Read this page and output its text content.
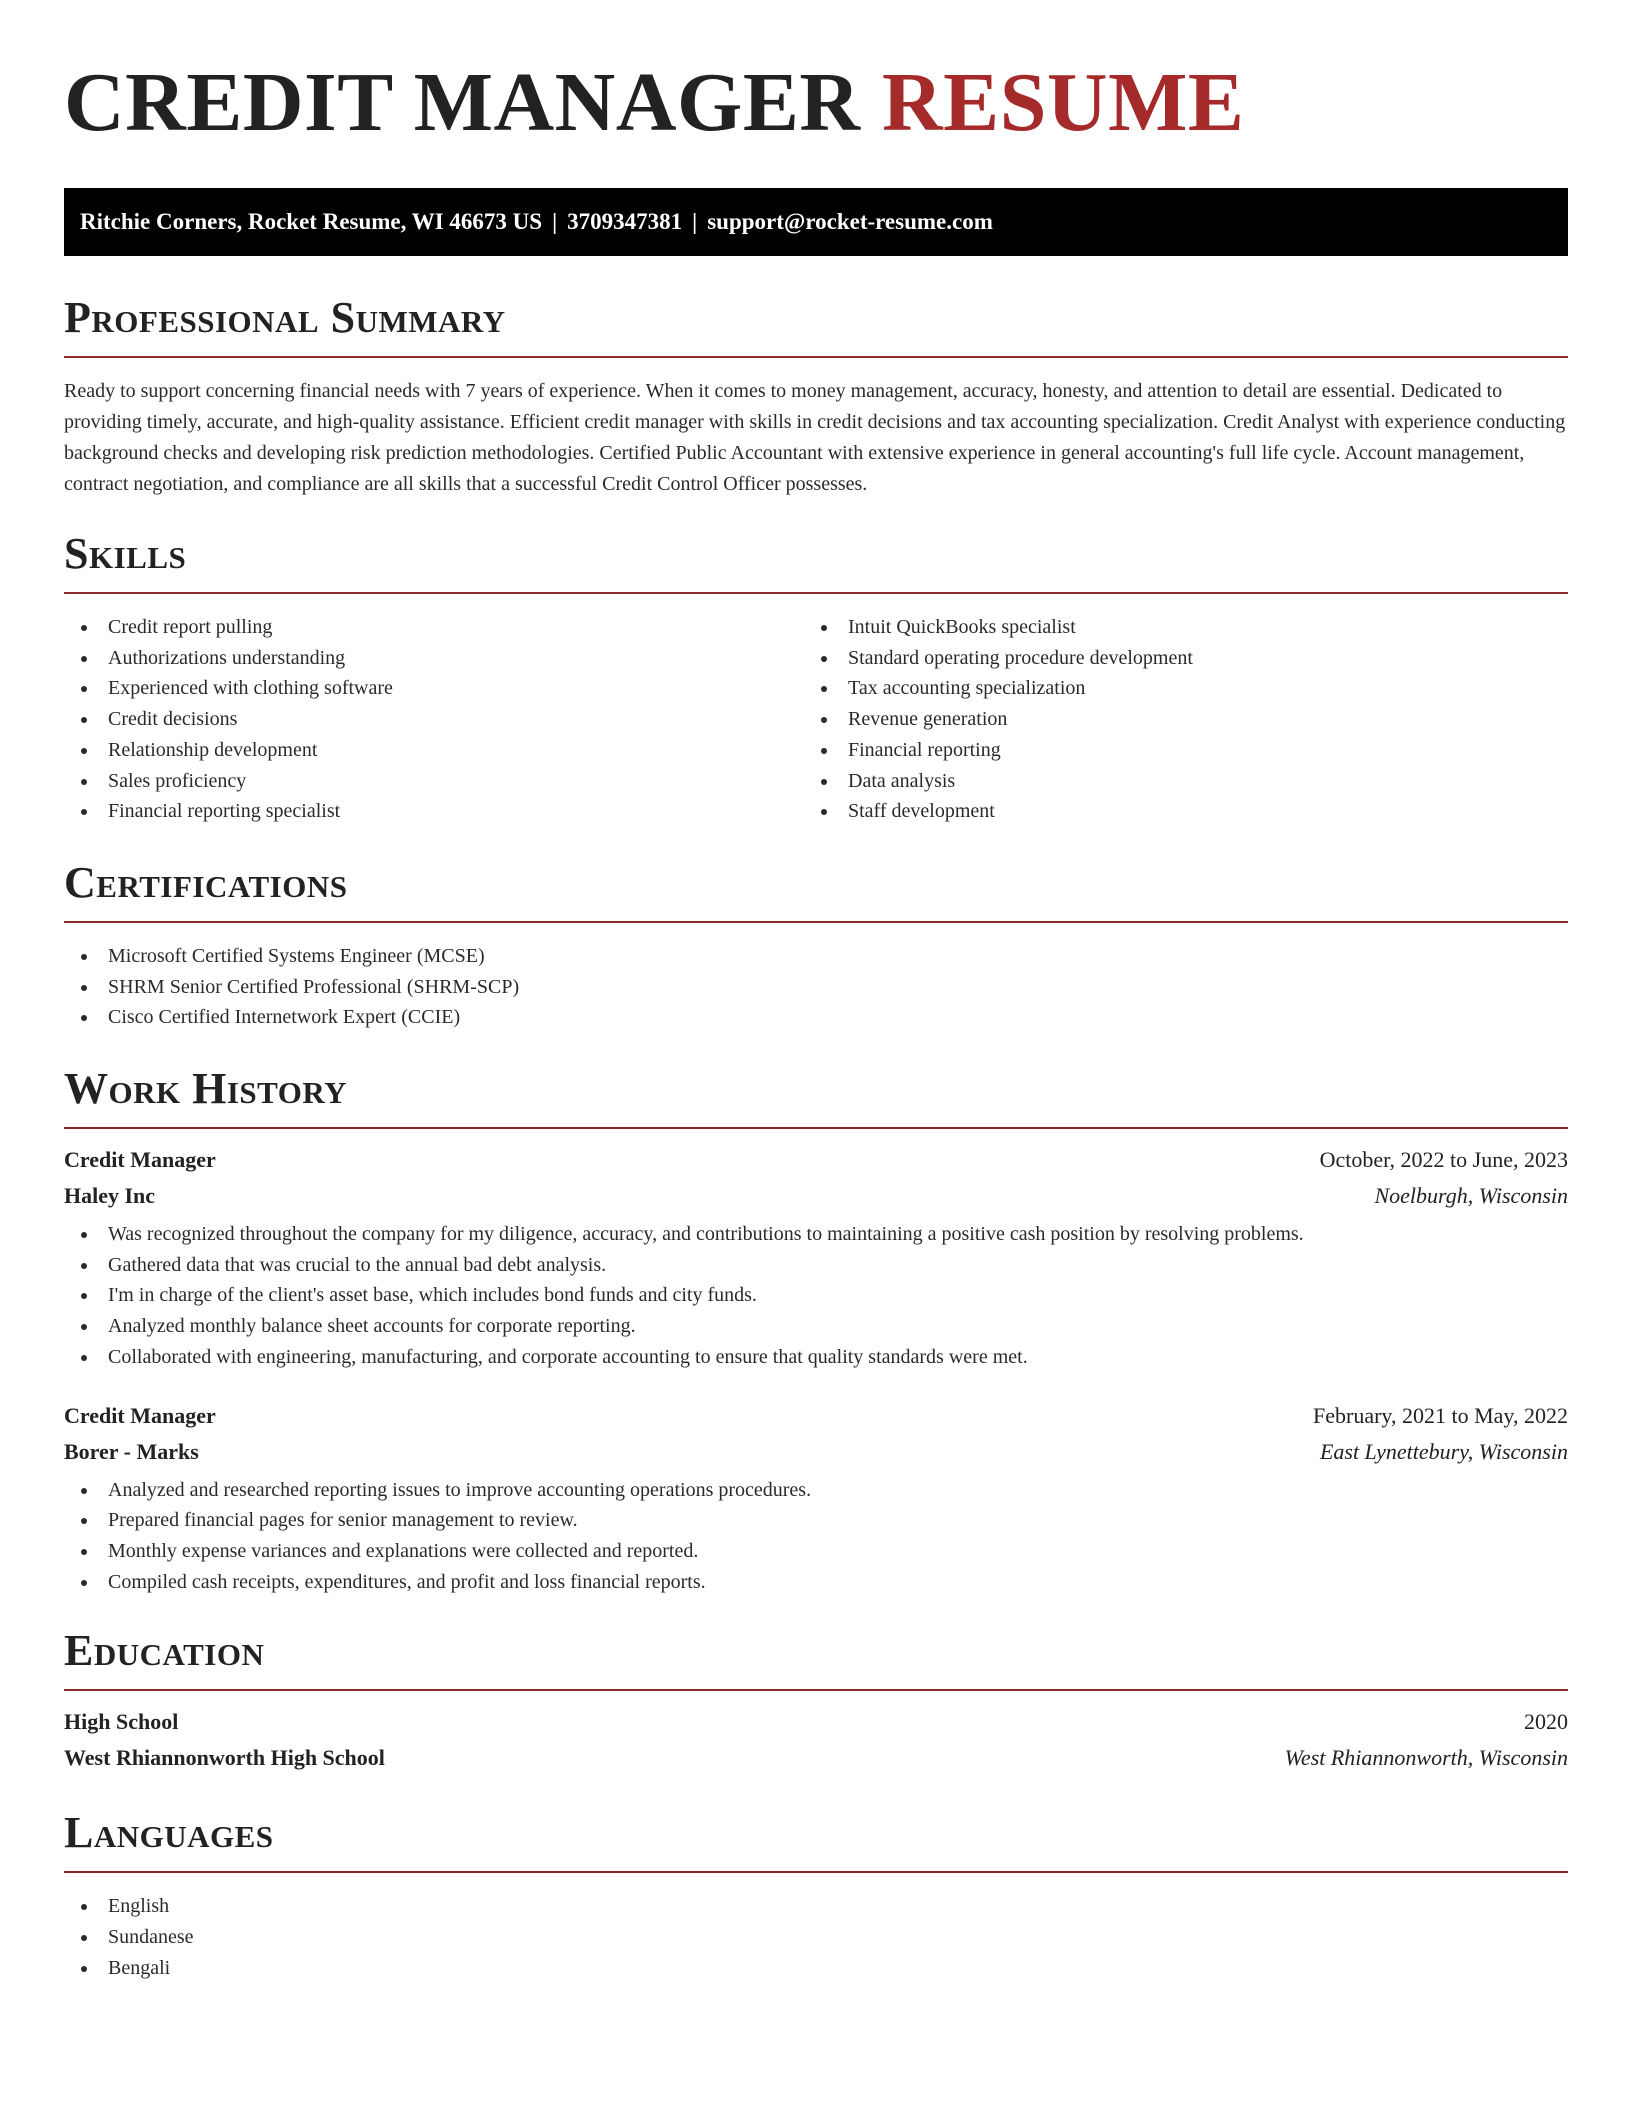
CREDIT MANAGER RESUME
Ritchie Corners, Rocket Resume, WI 46673 US | 3709347381 | support@rocket-resume.com
Professional Summary

Ready to support concerning financial needs with 7 years of experience. When it comes to money management, accuracy, honesty, and attention to detail are essential. Dedicated to providing timely, accurate, and high-quality assistance. Efficient credit manager with skills in credit decisions and tax accounting specialization. Credit Analyst with experience conducting background checks and developing risk prediction methodologies. Certified Public Accountant with extensive experience in general accounting's full life cycle. Account management, contract negotiation, and compliance are all skills that a successful Credit Control Officer possesses.

Skills
Credit report pulling
Authorizations understanding
Experienced with clothing software
Credit decisions
Relationship development
Sales proficiency
Financial reporting specialist
Intuit QuickBooks specialist
Standard operating procedure development
Tax accounting specialization
Revenue generation
Financial reporting
Data analysis
Staff development
Certifications
Microsoft Certified Systems Engineer (MCSE)
SHRM Senior Certified Professional (SHRM-SCP)
Cisco Certified Internetwork Expert (CCIE)
Work History
Credit Manager	October, 2022 to June, 2023
Haley Inc	Noelburgh, Wisconsin
Was recognized throughout the company for my diligence, accuracy, and contributions to maintaining a positive cash position by resolving problems.
Gathered data that was crucial to the annual bad debt analysis.
I'm in charge of the client's asset base, which includes bond funds and city funds.
Analyzed monthly balance sheet accounts for corporate reporting.
Collaborated with engineering, manufacturing, and corporate accounting to ensure that quality standards were met.
Credit Manager	February, 2021 to May, 2022
Borer - Marks	East Lynettebury, Wisconsin
Analyzed and researched reporting issues to improve accounting operations procedures.
Prepared financial pages for senior management to review.
Monthly expense variances and explanations were collected and reported.
Compiled cash receipts, expenditures, and profit and loss financial reports.
Education
High School	2020
West Rhiannonworth High School	West Rhiannonworth, Wisconsin
Languages
English
Sundanese
Bengali
